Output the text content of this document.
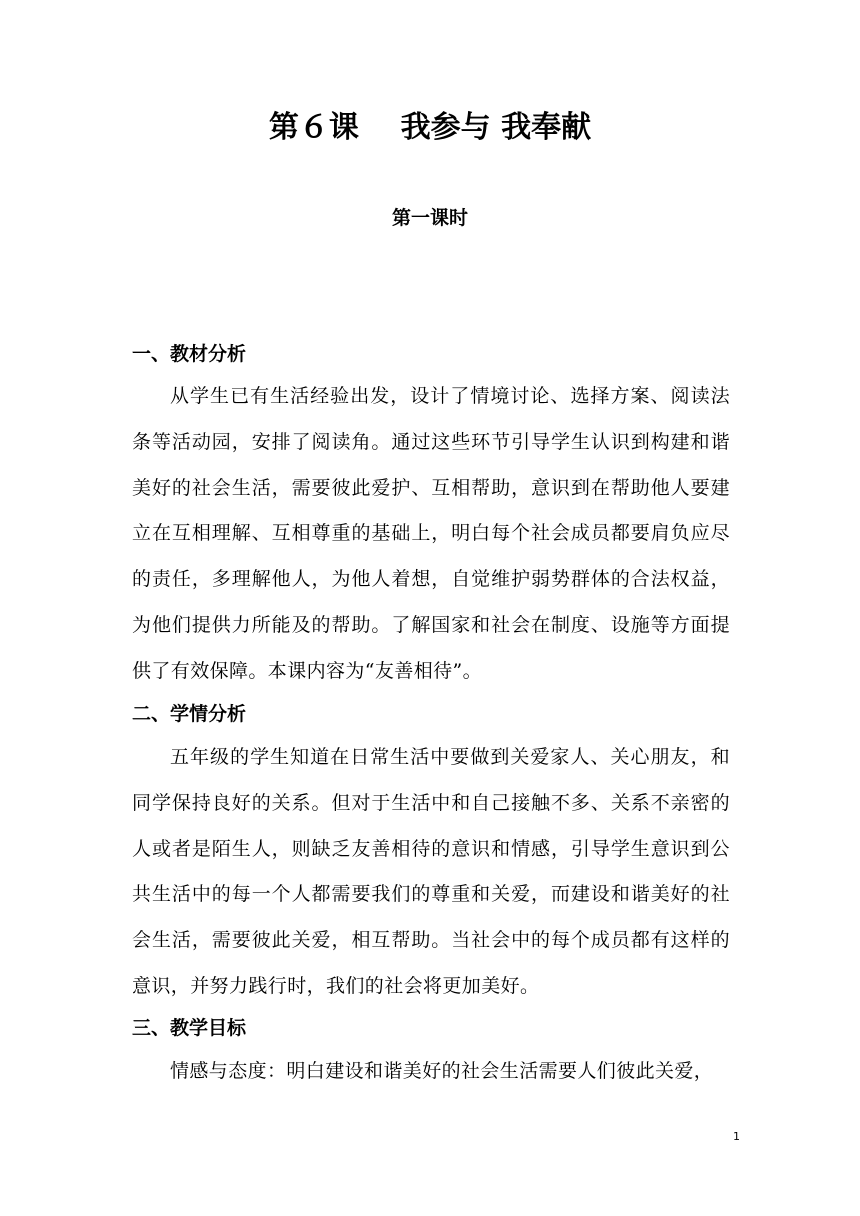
第６课    我参与 我奉献
第一课时
一、教材分析
从学生已有生活经验出发，设计了情境讨论、选择方案、阅读法条等活动园，安排了阅读角。通过这些环节引导学生认识到构建和谐美好的社会生活，需要彼此爱护、互相帮助，意识到在帮助他人要建立在互相理解、互相尊重的基础上，明白每个社会成员都要肩负应尽的责任，多理解他人，为他人着想，自觉维护弱势群体的合法权益，为他们提供力所能及的帮助。了解国家和社会在制度、设施等方面提供了有效保障。本课内容为“友善相待”。
二、学情分析
五年级的学生知道在日常生活中要做到关爱家人、关心朋友，和同学保持良好的关系。但对于生活中和自己接触不多、关系不亲密的人或者是陌生人，则缺乏友善相待的意识和情感，引导学生意识到公共生活中的每一个人都需要我们的尊重和关爱，而建设和谐美好的社会生活，需要彼此关爱，相互帮助。当社会中的每个成员都有这样的意识，并努力践行时，我们的社会将更加美好。
三、教学目标
情感与态度：明白建设和谐美好的社会生活需要人们彼此关爱，
1
